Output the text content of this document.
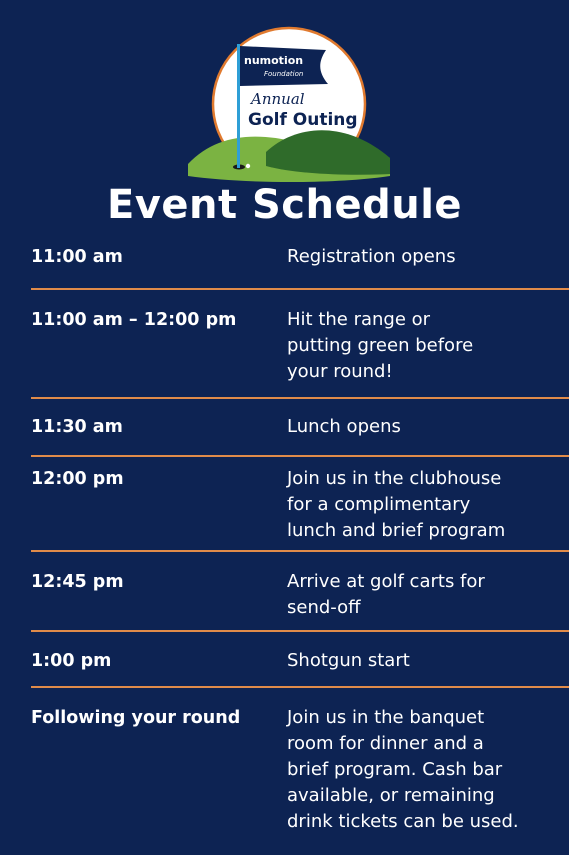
numotion
Foundation
Annual
Golf Outing
Event Schedule
11:00 am	Registration opens
11:00 am – 12:00 pm	Hit the range or
putting green before
your round!
11:30 am	Lunch opens
12:00 pm	Join us in the clubhouse
for a complimentary
lunch and brief program
12:45 pm	Arrive at golf carts for
send-off
1:00 pm	Shotgun start
Following your round	Join us in the banquet
room for dinner and a
brief program. Cash bar
available, or remaining
drink tickets can be used.
